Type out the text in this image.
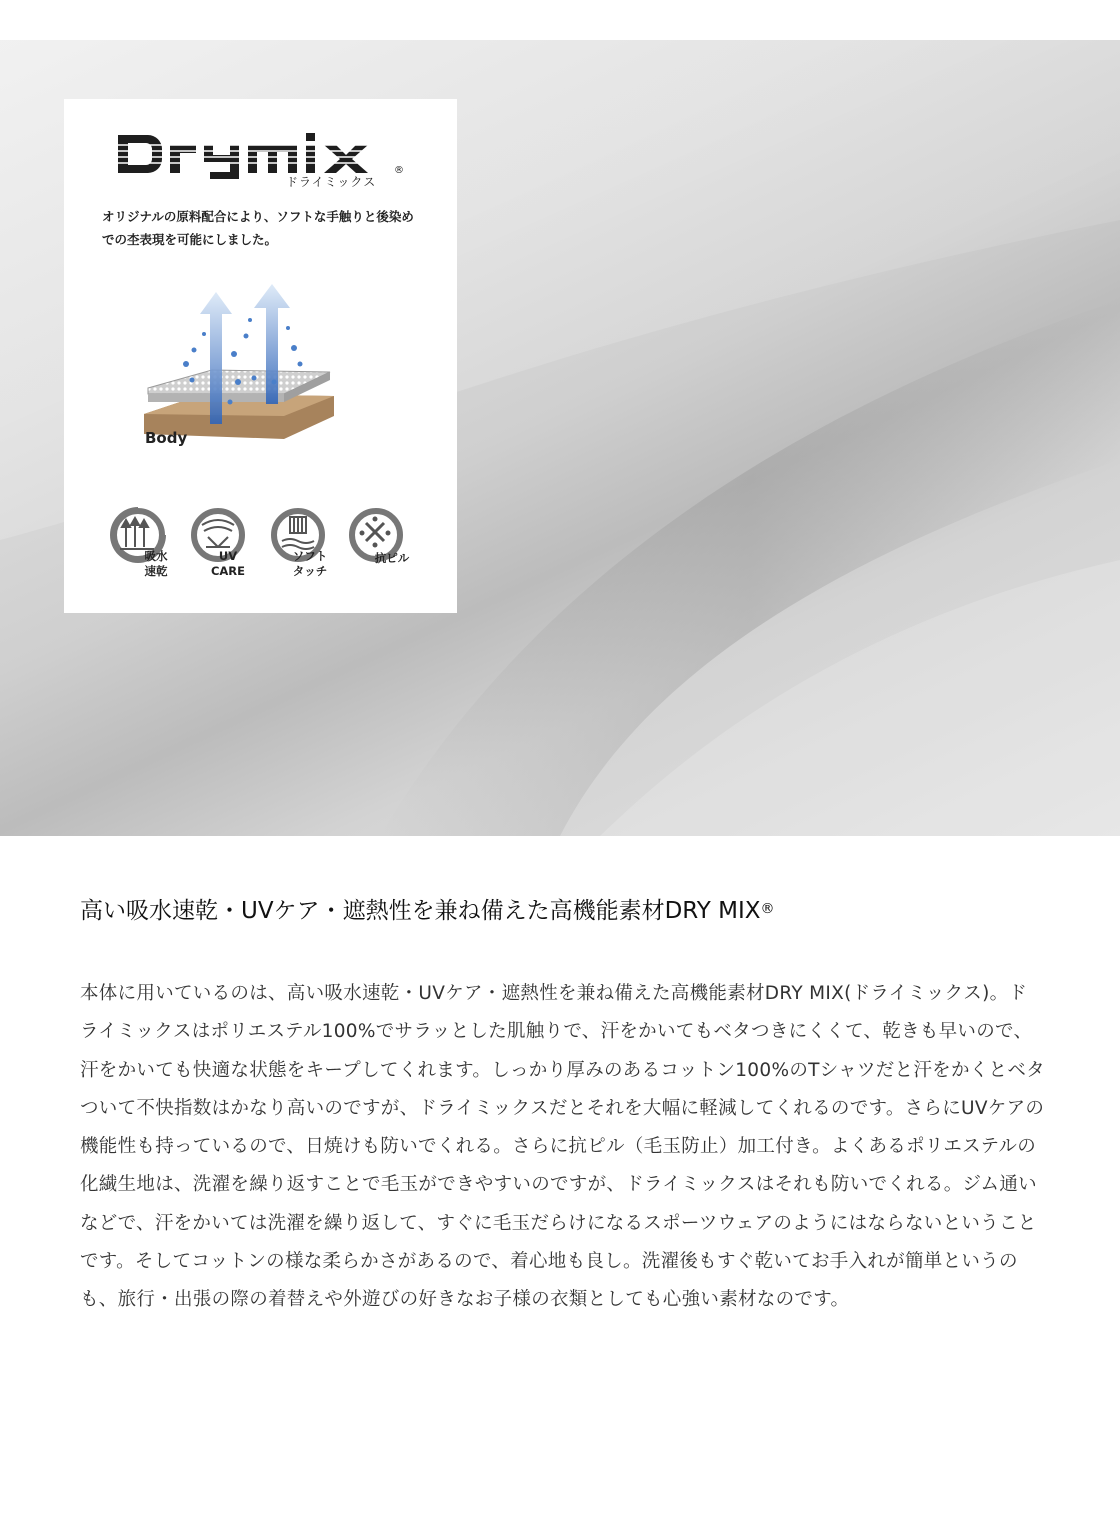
ドライミックス
®
オリジナルの原料配合により、ソフトな手触りと後染めでの杢表現を可能にしました。
Body
吸水
速乾
UV
CARE
ソフト
タッチ
抗ピル
高い吸水速乾・UVケア・遮熱性を兼ね備えた高機能素材DRY MIX®

本体に用いているのは、高い吸水速乾・UVケア・遮熱性を兼ね備えた高機能素材DRY MIX(ドライミックス)。ドライミックスはポリエステル100%でサラッとした肌触りで、汗をかいてもベタつきにくくて、乾きも早いので、汗をかいても快適な状態をキープしてくれます。しっかり厚みのあるコットン100%のTシャツだと汗をかくとベタついて不快指数はかなり高いのですが、ドライミックスだとそれを大幅に軽減してくれるのです。さらにUVケアの機能性も持っているので、日焼けも防いでくれる。さらに抗ピル（毛玉防止）加工付き。よくあるポリエステルの化繊生地は、洗濯を繰り返すことで毛玉ができやすいのですが、ドライミックスはそれも防いでくれる。ジム通いなどで、汗をかいては洗濯を繰り返して、すぐに毛玉だらけになるスポーツウェアのようにはならないということです。そしてコットンの様な柔らかさがあるので、着心地も良し。洗濯後もすぐ乾いてお手入れが簡単というのも、旅行・出張の際の着替えや外遊びの好きなお子様の衣類としても心強い素材なのです。
